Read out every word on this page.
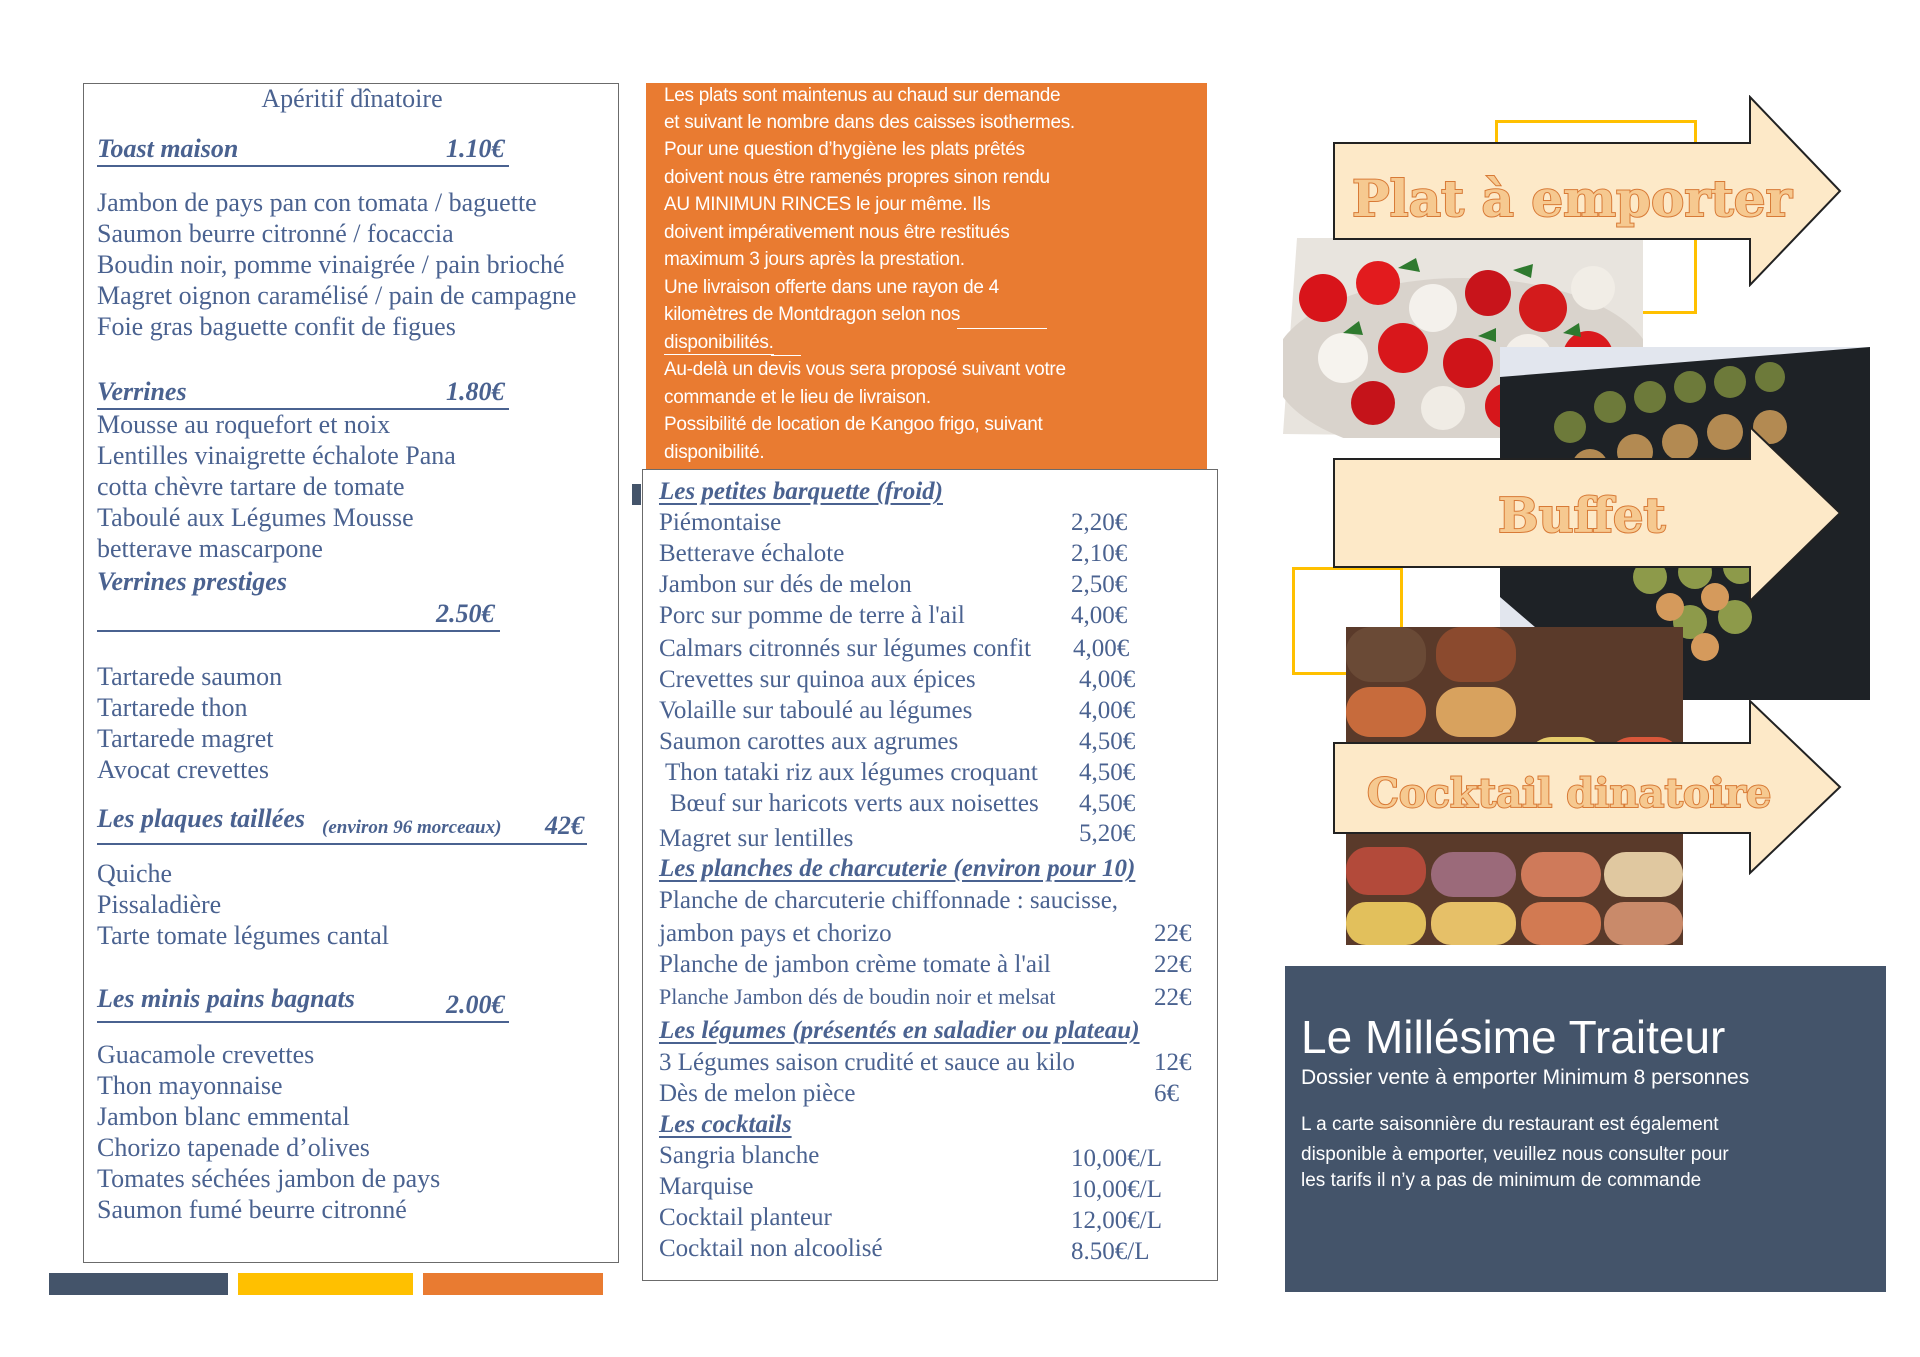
Apéritif dînatoire
Toast maison	1.10€
Jambon de pays pan con tomata / baguette
Saumon beurre citronné / focaccia
Boudin noir, pomme vinaigrée / pain brioché
Magret oignon caramélisé / pain de campagne
Foie gras baguette confit de figues
Verrines	1.80€
Mousse au roquefort et noix
Lentilles vinaigrette échalote Pana
cotta chèvre tartare de tomate
Taboulé aux Légumes Mousse
betterave mascarpone
Verrines prestiges
2.50€
Tartarede saumon
Tartarede thon
Tartarede magret
Avocat crevettes
Les plaques taillées (environ 96 morceaux) 42€
Quiche
Pissaladière
Tarte tomate légumes cantal
Les minis pains bagnats	2.00€
Guacamole crevettes
Thon mayonnaise
Jambon blanc emmental
Chorizo tapenade d’olives
Tomates séchées jambon de pays
Saumon fumé beurre citronné
Les plats sont maintenus au chaud sur demande
et suivant le nombre dans des caisses isothermes.
Pour une question d’hygiène les plats prêtés
doivent nous être ramenés propres sinon rendu
AU MINIMUN RINCES le jour même. Ils
doivent impérativement nous être restitués
maximum 3 jours après la prestation.
Une livraison offerte dans une rayon de 4
kilomètres de Montdragon selon nos
disponibilités.
Au-delà un devis vous sera proposé suivant votre
commande et le lieu de livraison.
Possibilité de location de Kangoo frigo, suivant
disponibilité.
Les petites barquette (froid)
Piémontaise	2,20€
Betterave échalote	2,10€
Jambon sur dés de melon	2,50€
Porc sur pomme de terre à l'ail	4,00€
Calmars citronnés sur légumes confit 4,00€
Crevettes sur quinoa aux épices	4,00€
Volaille sur taboulé au légumes	4,00€
Saumon carottes aux agrumes	4,50€
Thon tataki riz aux légumes croquant 4,50€
Bœuf sur haricots verts aux noisettes 4,50€
Magret sur lentilles	5,20€
Les planches de charcuterie (environ pour 10)
Planche de charcuterie chiffonnade : saucisse,
jambon pays et chorizo	22€
Planche de jambon crème tomate à l'ail	22€
Planche Jambon dés de boudin noir et melsat	22€
Les légumes (présentés en saladier ou plateau)
3 Légumes saison crudité et sauce au kilo	12€
Dès de melon pièce	6€
Les cocktails
Sangria blanche	10,00€/L
Marquise	10,00€/L
Cocktail planteur	12,00€/L
Cocktail non alcoolisé	8.50€/L
Plat à emporter
Buffet
Cocktail dinatoire
Le Millésime Traiteur
Dossier vente à emporter Minimum 8 personnes
L a carte saisonnière du restaurant est également
disponible à emporter, veuillez nous consulter pour
les tarifs il n’y a pas de minimum de commande
